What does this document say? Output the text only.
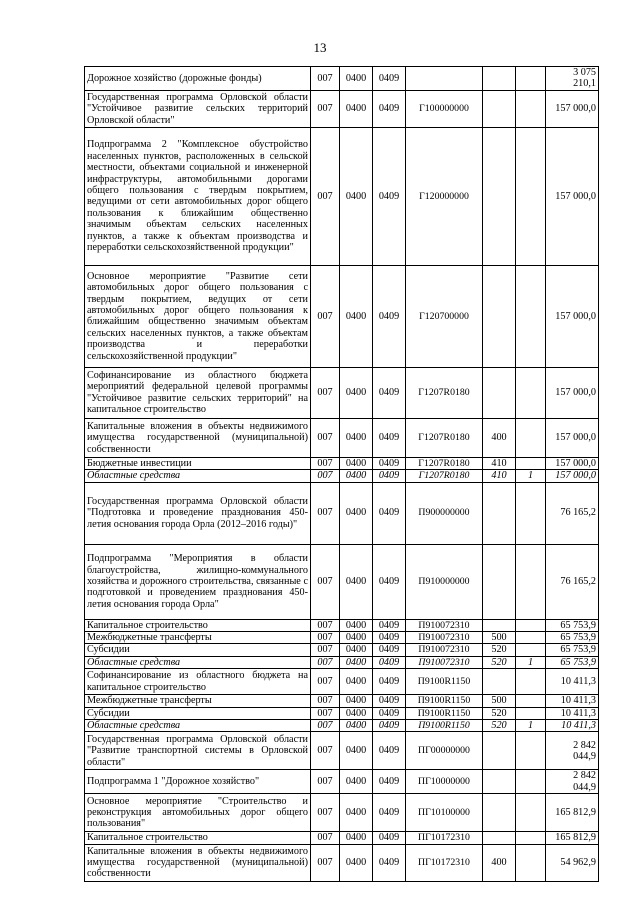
13
Дорожное хозяйство (дорожные фонды)	007	0400	0409				3 075 210,1
Государственная программа Орловской области "Устойчивое развитие сельских территорий Орловской области"	007	0400	0409	Г100000000			157 000,0
Подпрограмма 2 "Комплексное обустройство населенных пунктов, расположенных в сельской местности, объектами социальной и инженерной инфраструктуры, автомобильными дорогами общего пользования с твердым покрытием, ведущими от сети автомобильных дорог общего пользования к ближайшим общественно значимым объектам сельских населенных пунктов, а также к объектам производства и переработки сельскохозяйственной продукции"	007	0400	0409	Г120000000			157 000,0
Основное мероприятие "Развитие сети автомобильных дорог общего пользования с твердым покрытием, ведущих от сети автомобильных дорог общего пользования к ближайшим общественно значимым объектам сельских населенных пунктов, а также объектам производства и переработки сельскохозяйственной продукции"	007	0400	0409	Г120700000			157 000,0
Софинансирование из областного бюджета мероприятий федеральной целевой программы "Устойчивое развитие сельских территорий" на капитальное строительство	007	0400	0409	Г1207R0180			157 000,0
Капитальные вложения в объекты недвижимого имущества государственной (муниципальной) собственности	007	0400	0409	Г1207R0180	400		157 000,0
Бюджетные инвестиции	007	0400	0409	Г1207R0180	410		157 000,0
Областные средства	007	0400	0409	Г1207R0180	410	1	157 000,0
Государственная программа Орловской области "Подготовка и проведение празднования 450-летия основания города Орла (2012–2016 годы)"	007	0400	0409	П900000000			76 165,2
Подпрограмма "Мероприятия в области благоустройства, жилищно-коммунального хозяйства и дорожного строительства, связанные с подготовкой и проведением празднования 450-летия основания города Орла"	007	0400	0409	П910000000			76 165,2
Капитальное строительство	007	0400	0409	П910072310			65 753,9
Межбюджетные трансферты	007	0400	0409	П910072310	500		65 753,9
Субсидии	007	0400	0409	П910072310	520		65 753,9
Областные средства	007	0400	0409	П910072310	520	1	65 753,9
Софинансирование из областного бюджета на капитальное строительство	007	0400	0409	П9100R1150			10 411,3
Межбюджетные трансферты	007	0400	0409	П9100R1150	500		10 411,3
Субсидии	007	0400	0409	П9100R1150	520		10 411,3
Областные средства	007	0400	0409	П9100R1150	520	1	10 411,3
Государственная программа Орловской области "Развитие транспортной системы в Орловской области"	007	0400	0409	ПГ00000000			2 842 044,9
Подпрограмма 1 "Дорожное хозяйство"	007	0400	0409	ПГ10000000			2 842 044,9
Основное мероприятие "Строительство и реконструкция автомобильных дорог общего пользования"	007	0400	0409	ПГ10100000			165 812,9
Капитальное строительство	007	0400	0409	ПГ10172310			165 812,9
Капитальные вложения в объекты недвижимого имущества государственной (муниципальной) собственности	007	0400	0409	ПГ10172310	400		54 962,9
